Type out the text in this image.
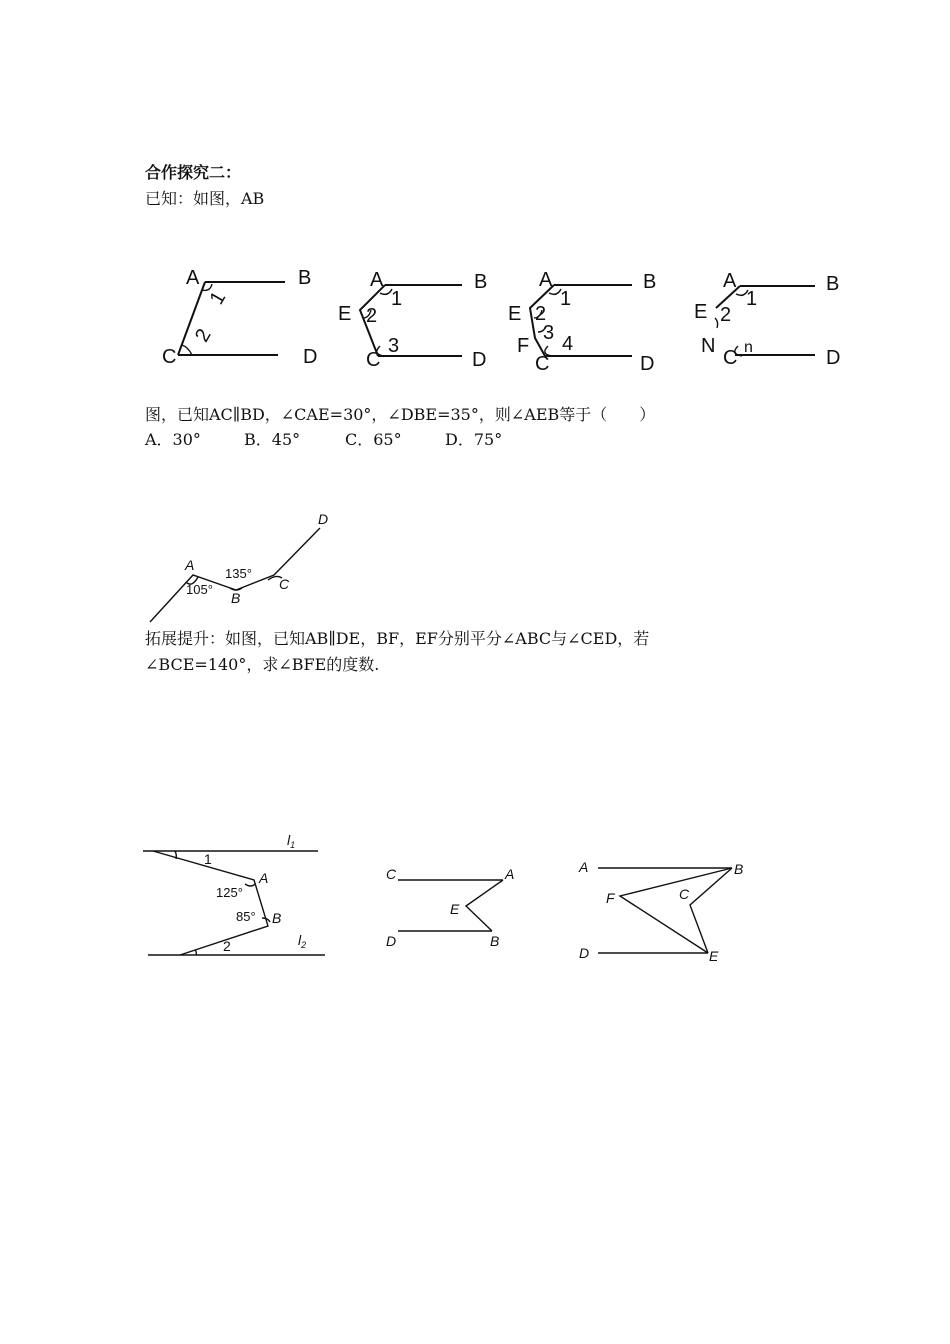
合作探究二：
已知：如图，AB
A	B
C	D
1
2
A	B
E
C	D
1
2
3
A	B
E
F
C	D
1
2
3 4
A	B
E
N
C	D
1
2
n
A
B
C
D
105°
135°
$l_1$
$l_2$
1
2
A
B
125°
85°
C	A
E
D	B
A	B
C
F
D	E
图，已知AC∥BD，∠CAE=30°，∠DBE=35°，则∠AEB等于（　　）
A．30°	B．45°	C．65°	D．75°
拓展提升：如图，已知AB∥DE，BF，EF分别平分∠ABC与∠CED，若
∠BCE=140°，求∠BFE的度数.
